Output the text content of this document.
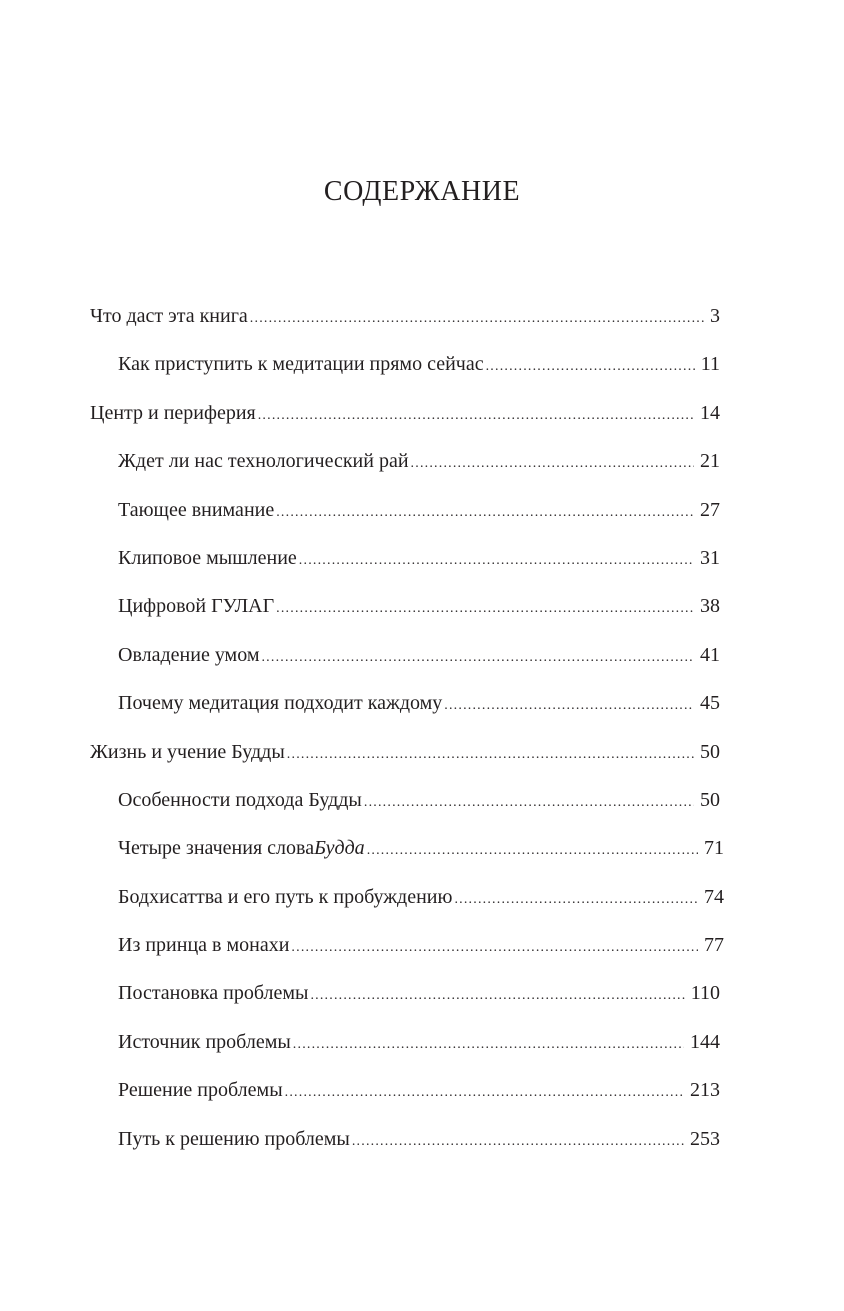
СОДЕРЖАНИЕ
Что даст эта книга .....	3
Как приступить к медитации прямо сейчас .....	11
Центр и периферия .....	14
Ждет ли нас технологический рай .....	21
Тающее внимание .....	27
Клиповое мышление .....	31
Цифровой ГУЛАГ .....	38
Овладение умом .....	41
Почему медитация подходит каждому .....	45
Жизнь и учение Будды .....	50
Особенности подхода Будды .....	50
Четыре значения слова Будда .....	71
Бодхисаттва и его путь к пробуждению .....	74
Из принца в монахи .....	77
Постановка проблемы .....	110
Источник проблемы .....	144
Решение проблемы .....	213
Путь к решению проблемы .....	253
